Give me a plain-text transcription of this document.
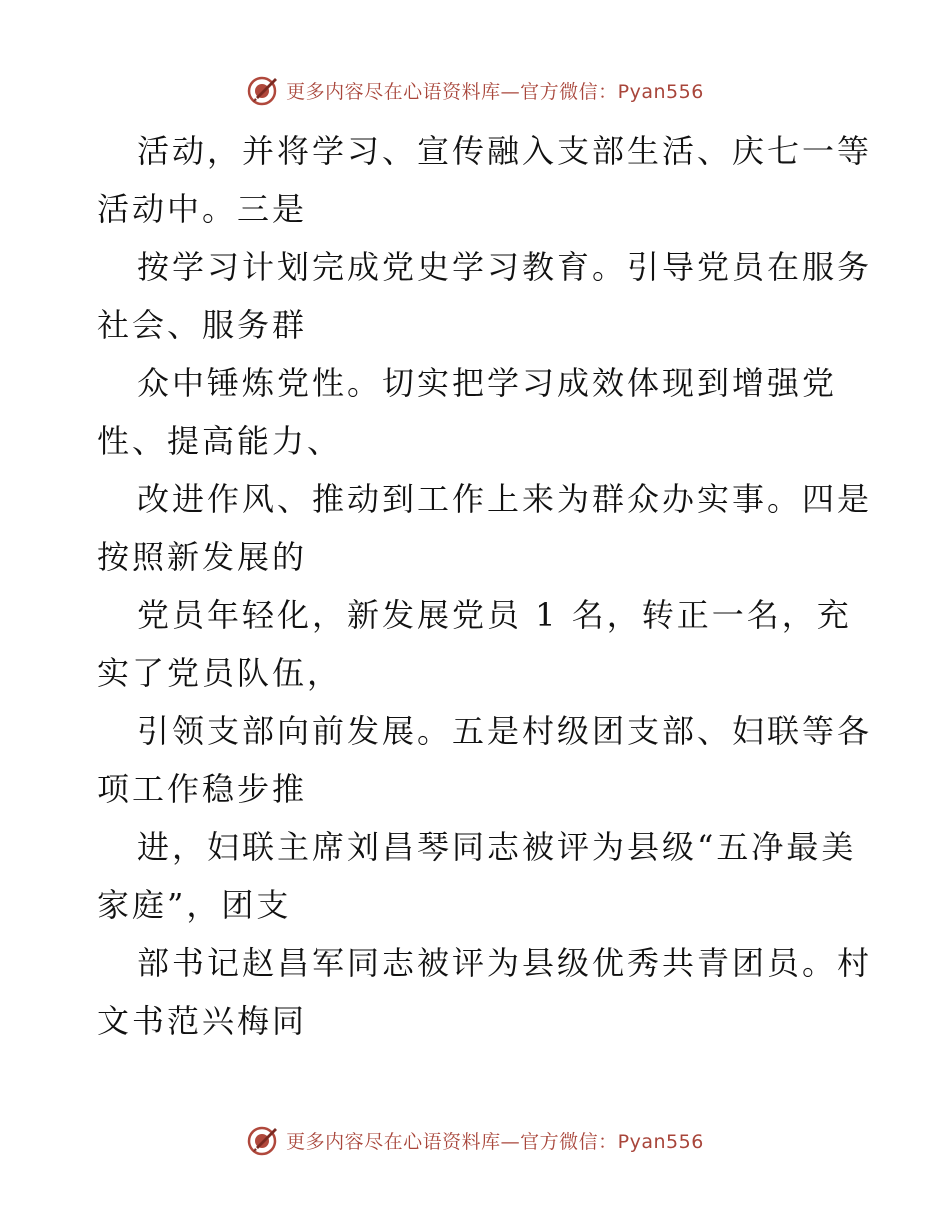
更多内容尽在心语资料库—官方微信：Pyan556
活动，并将学习、宣传融入支部生活、庆七一等
活动中。三是
按学习计划完成党史学习教育。引导党员在服务
社会、服务群
众中锤炼党性。切实把学习成效体现到增强党
性、提高能力、
改进作风、推动到工作上来为群众办实事。四是
按照新发展的
党员年轻化，新发展党员 1 名，转正一名，充
实了党员队伍，
引领支部向前发展。五是村级团支部、妇联等各
项工作稳步推
进，妇联主席刘昌琴同志被评为县级“五净最美
家庭”，团支
部书记赵昌军同志被评为县级优秀共青团员。村
文书范兴梅同
更多内容尽在心语资料库—官方微信：Pyan556
